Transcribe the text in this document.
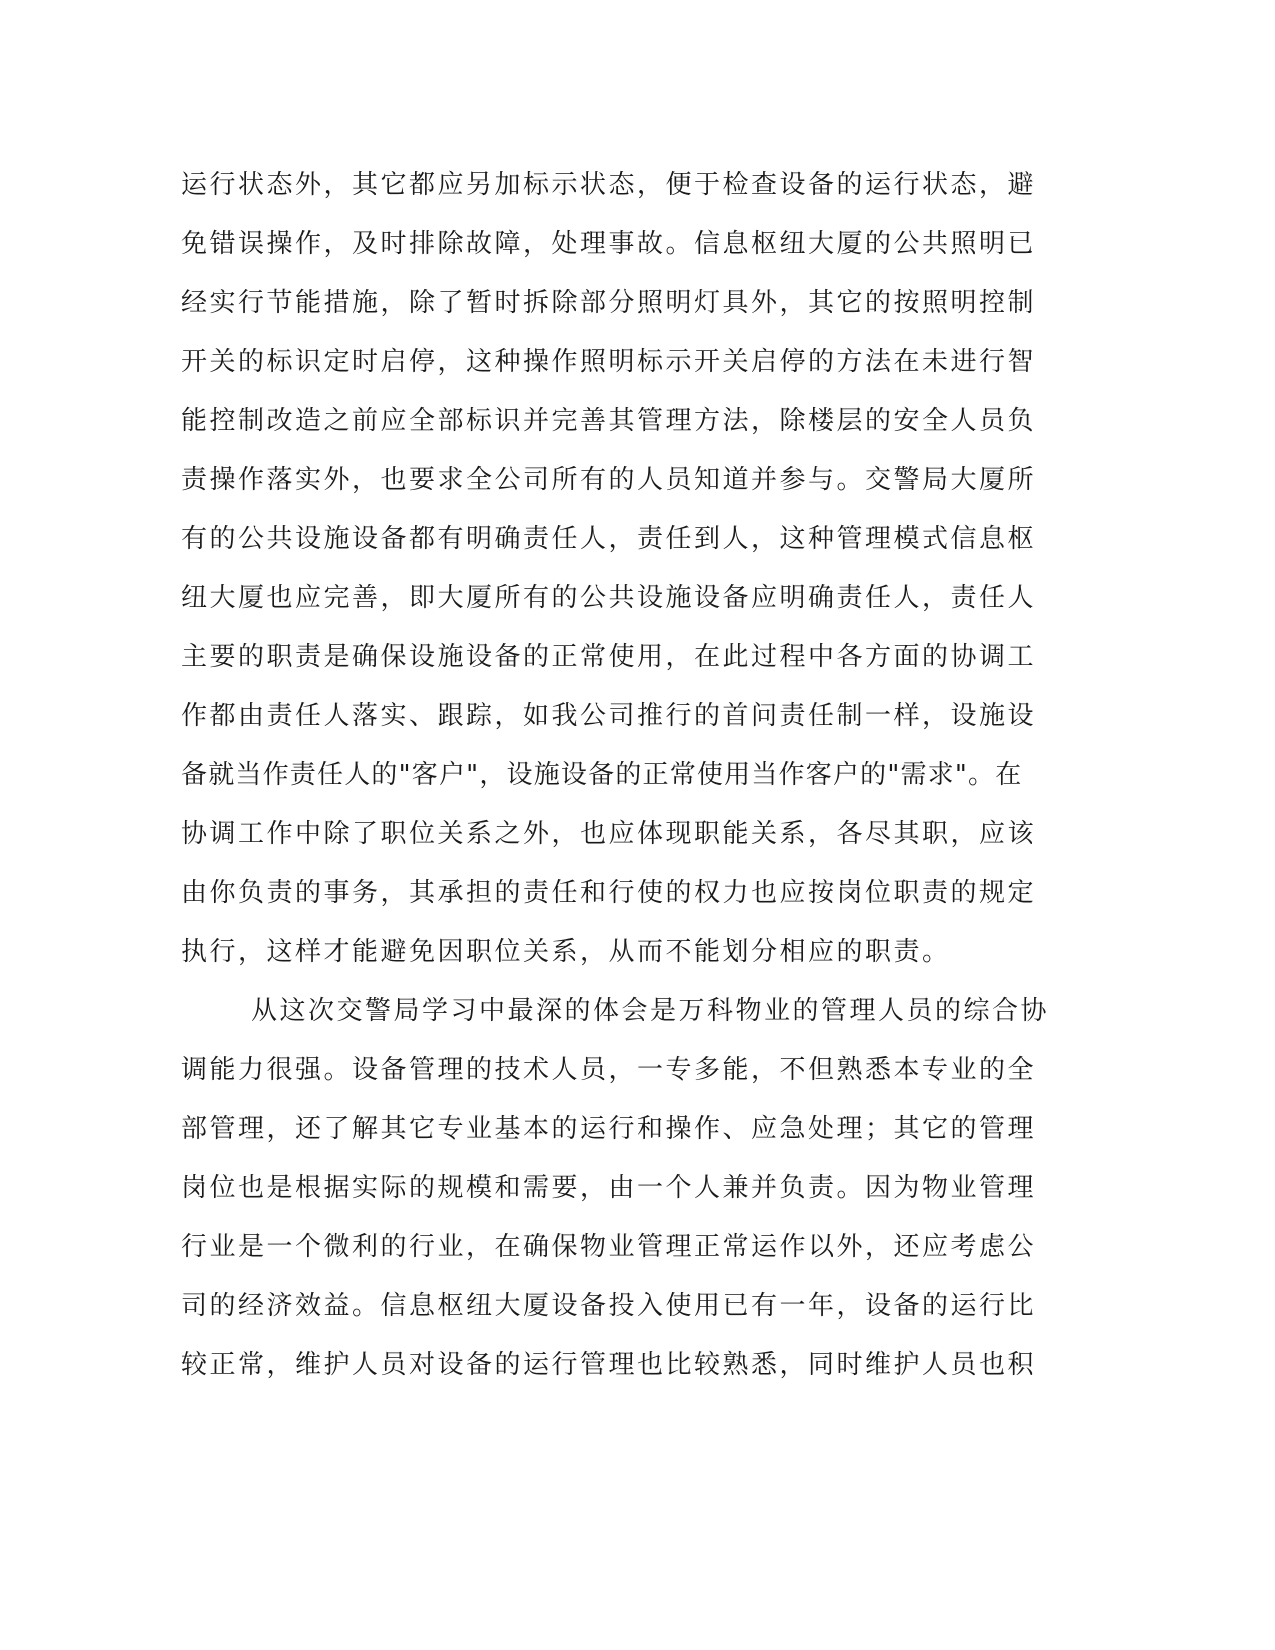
运行状态外，其它都应另加标示状态，便于检查设备的运行状态，避
免错误操作，及时排除故障，处理事故。信息枢纽大厦的公共照明已
经实行节能措施，除了暂时拆除部分照明灯具外，其它的按照明控制
开关的标识定时启停，这种操作照明标示开关启停的方法在未进行智
能控制改造之前应全部标识并完善其管理方法，除楼层的安全人员负
责操作落实外，也要求全公司所有的人员知道并参与。交警局大厦所
有的公共设施设备都有明确责任人，责任到人，这种管理模式信息枢
纽大厦也应完善，即大厦所有的公共设施设备应明确责任人，责任人
主要的职责是确保设施设备的正常使用，在此过程中各方面的协调工
作都由责任人落实、跟踪，如我公司推行的首问责任制一样，设施设
备就当作责任人的"客户"，设施设备的正常使用当作客户的"需求"。在
协调工作中除了职位关系之外，也应体现职能关系，各尽其职，应该
由你负责的事务，其承担的责任和行使的权力也应按岗位职责的规定
执行，这样才能避免因职位关系，从而不能划分相应的职责。
从这次交警局学习中最深的体会是万科物业的管理人员的综合协
调能力很强。设备管理的技术人员，一专多能，不但熟悉本专业的全
部管理，还了解其它专业基本的运行和操作、应急处理；其它的管理
岗位也是根据实际的规模和需要，由一个人兼并负责。因为物业管理
行业是一个微利的行业，在确保物业管理正常运作以外，还应考虑公
司的经济效益。信息枢纽大厦设备投入使用已有一年，设备的运行比
较正常，维护人员对设备的运行管理也比较熟悉，同时维护人员也积
